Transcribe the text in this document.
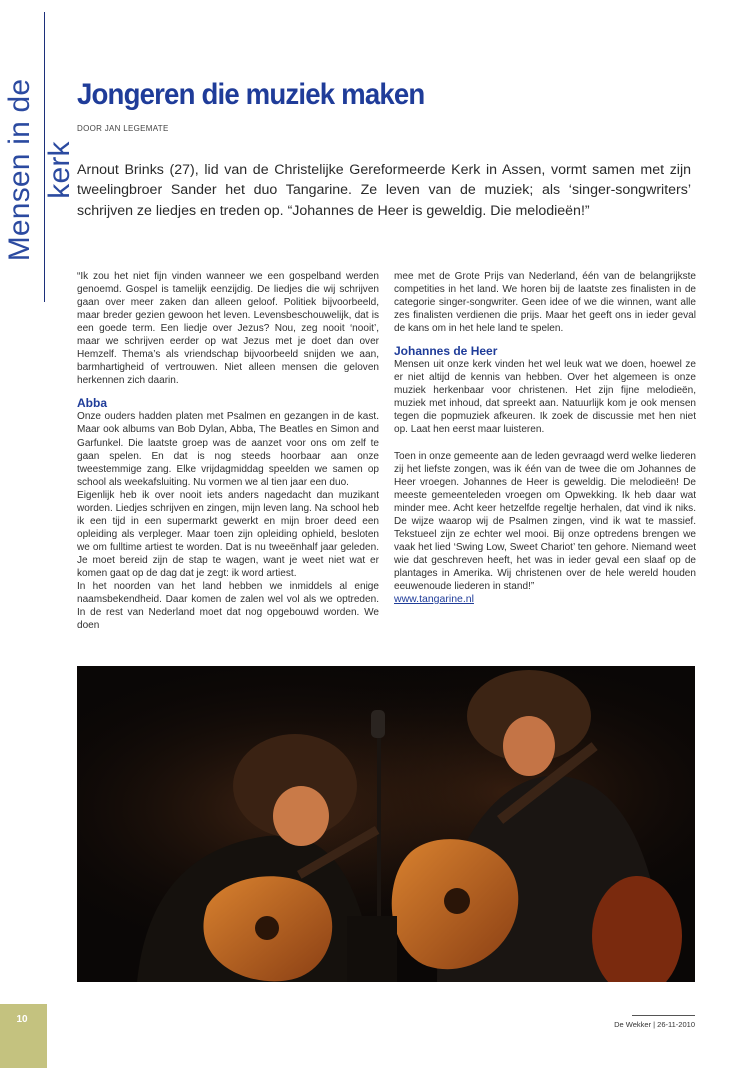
Mensen in de kerk
Jongeren die muziek maken
DOOR JAN LEGEMATE

Arnout Brinks (27), lid van de Christelijke Gereformeerde Kerk in Assen, vormt samen met zijn tweelingbroer Sander het duo Tangarine. Ze leven van de muziek; als ‘singer-songwriters’ schrijven ze liedjes en treden op. “Johannes de Heer is geweldig. Die melodieën!”

“Ik zou het niet fijn vinden wanneer we een gospelband werden genoemd. Gospel is tamelijk eenzijdig. De liedjes die wij schrijven gaan over meer zaken dan alleen geloof. Politiek bijvoorbeeld, maar breder gezien gewoon het leven. Levensbeschouwelijk, dat is een goede term. Een liedje over Jezus? Nou, zeg nooit ‘nooit’, maar we schrijven eerder op wat Jezus met je doet dan over Hemzelf. Thema’s als vriendschap bijvoorbeeld snijden we aan, barmhartigheid of vertrouwen. Niet alleen mensen die geloven herkennen zich daarin.

Abba

Onze ouders hadden platen met Psalmen en gezangen in de kast. Maar ook albums van Bob Dylan, Abba, The Beatles en Simon and Garfunkel. Die laatste groep was de aanzet voor ons om zelf te gaan spelen. En dat is nog steeds hoorbaar aan onze tweestemmige zang. Elke vrijdagmiddag speelden we samen op school als weekafsluiting. Nu vormen we al tien jaar een duo.

Eigenlijk heb ik over nooit iets anders nagedacht dan muzikant worden. Liedjes schrijven en zingen, mijn leven lang. Na school heb ik een tijd in een supermarkt gewerkt en mijn broer deed een opleiding als verpleger. Maar toen zijn opleiding ophield, besloten we om fulltime artiest te worden. Dat is nu tweeënhalf jaar geleden. Je moet bereid zijn de stap te wagen, want je weet niet wat er komen gaat op de dag dat je zegt: ik word artiest.

In het noorden van het land hebben we inmiddels al enige naamsbekendheid. Daar komen de zalen wel vol als we optreden. In de rest van Nederland moet dat nog opgebouwd worden. We doen

mee met de Grote Prijs van Nederland, één van de belangrijkste competities in het land. We horen bij de laatste zes finalisten in de categorie singer-songwriter. Geen idee of we die winnen, want alle zes finalisten verdienen die prijs. Maar het geeft ons in ieder geval de kans om in het hele land te spelen.

Johannes de Heer

Mensen uit onze kerk vinden het wel leuk wat we doen, hoewel ze er niet altijd de kennis van hebben. Over het algemeen is onze muziek herkenbaar voor christenen. Het zijn fijne melodieën, muziek met inhoud, dat spreekt aan. Natuurlijk kom je ook mensen tegen die popmuziek afkeuren. Ik zoek de discussie met hen niet op. Laat hen eerst maar luisteren.

Toen in onze gemeente aan de leden gevraagd werd welke liederen zij het liefste zongen, was ik één van de twee die om Johannes de Heer vroegen. Johannes de Heer is geweldig. Die melodieën! De meeste gemeenteleden vroegen om Opwekking. Ik heb daar wat minder mee. Acht keer hetzelfde regeltje herhalen, dat vind ik niks. De wijze waarop wij de Psalmen zingen, vind ik wat te massief. Tekstueel zijn ze echter wel mooi. Bij onze optredens brengen we vaak het lied ‘Swing Low, Sweet Chariot’ ten gehore. Niemand weet wie dat geschreven heeft, het was in ieder geval een slaaf op de plantages in Amerika. Wij christenen over de hele wereld houden eeuwenoude liederen in stand!”

www.tangarine.nl

10	De Wekker | 26-11-2010
